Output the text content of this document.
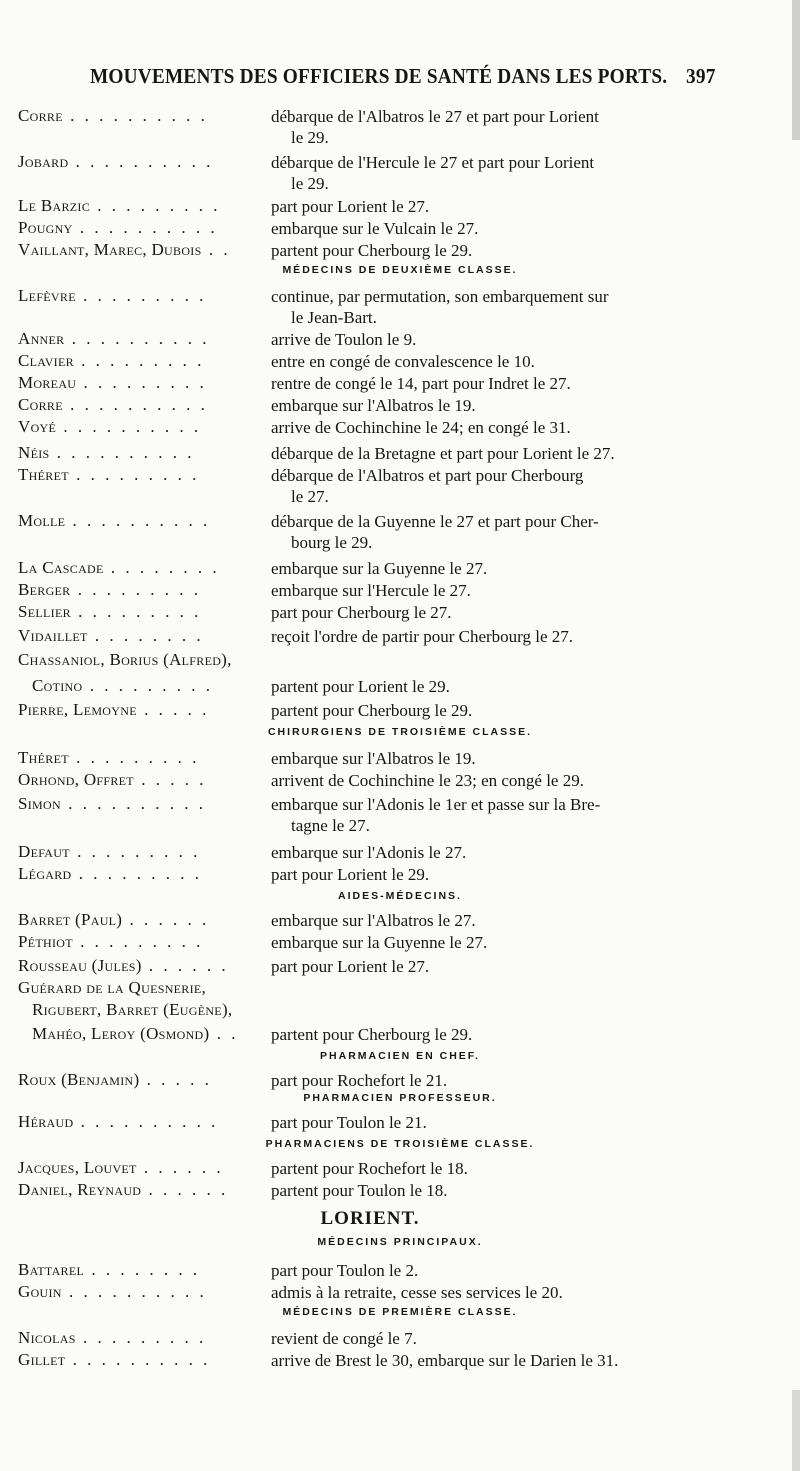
MOUVEMENTS DES OFFICIERS DE SANTÉ DANS LES PORTS. 397
Corre . . . . . . . . . .	débarque de l'Albatros le 27 et part pour Lorient
le 29.
Jobard . . . . . . . . . .	débarque de l'Hercule le 27 et part pour Lorient
le 29.
Le Barzic . . . . . . . . .	part pour Lorient le 27.
Pougny . . . . . . . . . .	embarque sur le Vulcain le 27.
Vaillant, Marec, Dubois . .	partent pour Cherbourg le 29.
MÉDECINS DE DEUXIÈME CLASSE.
Lefèvre . . . . . . . . .	continue, par permutation, son embarquement sur
le Jean-Bart.
Anner . . . . . . . . . .	arrive de Toulon le 9.
Clavier . . . . . . . . .	entre en congé de convalescence le 10.
Moreau . . . . . . . . .	rentre de congé le 14, part pour Indret le 27.
Corre . . . . . . . . . .	embarque sur l'Albatros le 19.
Voyé . . . . . . . . . .	arrive de Cochinchine le 24; en congé le 31.
Néis . . . . . . . . . .	débarque de la Bretagne et part pour Lorient le 27.
Théret . . . . . . . . .	débarque de l'Albatros et part pour Cherbourg
le 27.
Molle . . . . . . . . . .	débarque de la Guyenne le 27 et part pour Cher-
bourg le 29.
La Cascade . . . . . . . .	embarque sur la Guyenne le 27.
Berger . . . . . . . . .	embarque sur l'Hercule le 27.
Sellier . . . . . . . . .	part pour Cherbourg le 27.
Vidaillet . . . . . . . .	reçoit l'ordre de partir pour Cherbourg le 27.
Chassaniol, Borius (Alfred),
Cotino . . . . . . . . .	partent pour Lorient le 29.
Pierre, Lemoyne . . . . .	partent pour Cherbourg le 29.
CHIRURGIENS DE TROISIÈME CLASSE.
Théret . . . . . . . . .	embarque sur l'Albatros le 19.
Orhond, Offret . . . . .	arrivent de Cochinchine le 23; en congé le 29.
Simon . . . . . . . . . .	embarque sur l'Adonis le 1er et passe sur la Bre-
tagne le 27.
Defaut . . . . . . . . .	embarque sur l'Adonis le 27.
Légard . . . . . . . . .	part pour Lorient le 29.
AIDES-MÉDECINS.
Barret (Paul) . . . . . .	embarque sur l'Albatros le 27.
Péthiot . . . . . . . . .	embarque sur la Guyenne le 27.
Rousseau (Jules) . . . . . .	part pour Lorient le 27.
Guérard de la Quesnerie,
Rigubert, Barret (Eugène),
Mahéo, Leroy (Osmond) . .	partent pour Cherbourg le 29.
PHARMACIEN EN CHEF.
Roux (Benjamin) . . . . .	part pour Rochefort le 21.
PHARMACIEN PROFESSEUR.
Héraud . . . . . . . . . .	part pour Toulon le 21.
PHARMACIENS DE TROISIÈME CLASSE.
Jacques, Louvet . . . . . .	partent pour Rochefort le 18.
Daniel, Reynaud . . . . . .	partent pour Toulon le 18.
LORIENT.
MÉDECINS PRINCIPAUX.
Battarel . . . . . . . .	part pour Toulon le 2.
Gouin . . . . . . . . . .	admis à la retraite, cesse ses services le 20.
MÉDECINS DE PREMIÈRE CLASSE.
Nicolas . . . . . . . . .	revient de congé le 7.
Gillet . . . . . . . . . .	arrive de Brest le 30, embarque sur le Darien le 31.
